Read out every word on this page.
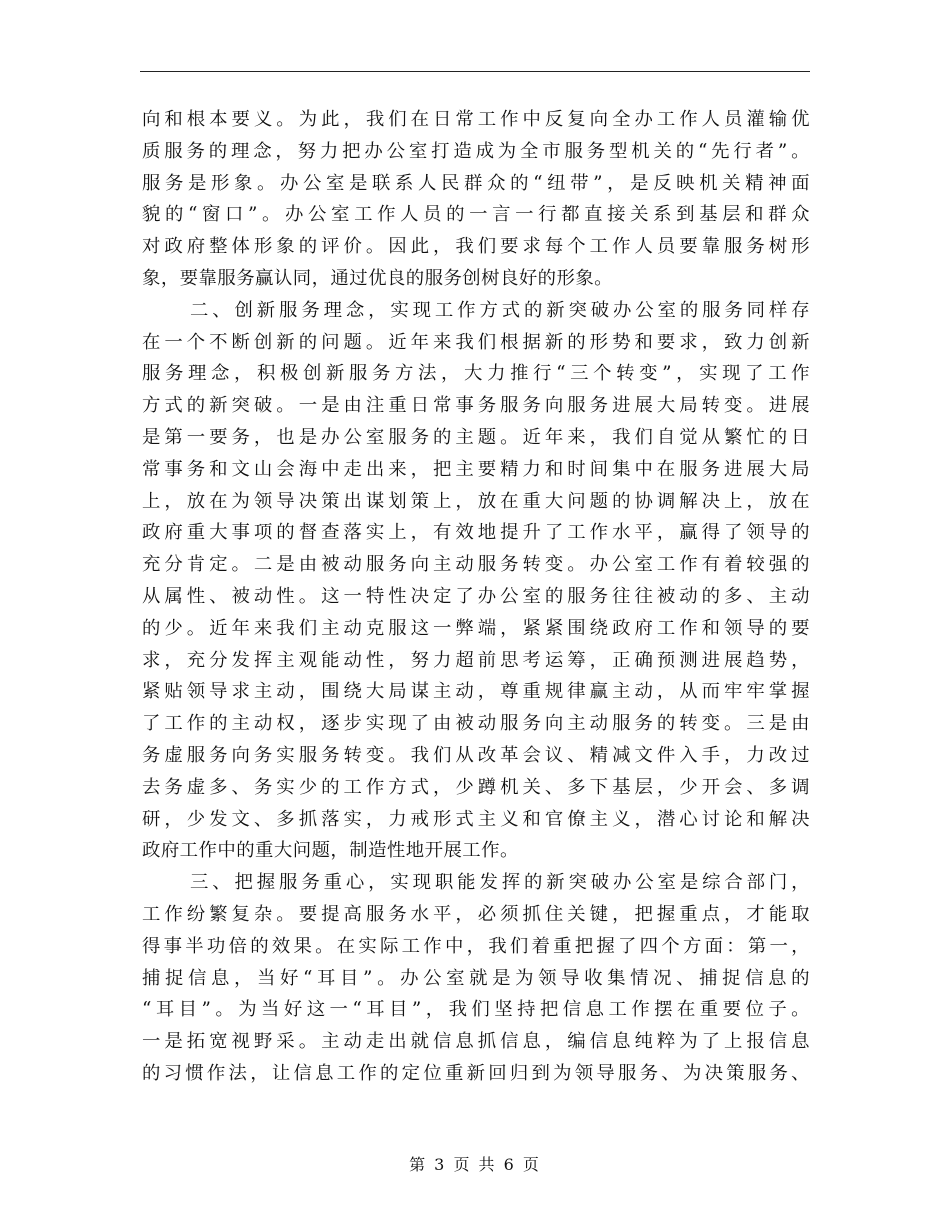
向和根本要义。为此，我们在日常工作中反复向全办工作人员灌输优
质服务的理念，努力把办公室打造成为全市服务型机关的“先行者”。
服务是形象。办公室是联系人民群众的“纽带”，是反映机关精神面
貌的“窗口”。办公室工作人员的一言一行都直接关系到基层和群众
对政府整体形象的评价。因此，我们要求每个工作人员要靠服务树形
象，要靠服务赢认同，通过优良的服务创树良好的形象。
二、创新服务理念，实现工作方式的新突破办公室的服务同样存
在一个不断创新的问题。近年来我们根据新的形势和要求，致力创新
服务理念，积极创新服务方法，大力推行“三个转变”，实现了工作
方式的新突破。一是由注重日常事务服务向服务进展大局转变。进展
是第一要务，也是办公室服务的主题。近年来，我们自觉从繁忙的日
常事务和文山会海中走出来，把主要精力和时间集中在服务进展大局
上，放在为领导决策出谋划策上，放在重大问题的协调解决上，放在
政府重大事项的督查落实上，有效地提升了工作水平，赢得了领导的
充分肯定。二是由被动服务向主动服务转变。办公室工作有着较强的
从属性、被动性。这一特性决定了办公室的服务往往被动的多、主动
的少。近年来我们主动克服这一弊端，紧紧围绕政府工作和领导的要
求，充分发挥主观能动性，努力超前思考运筹，正确预测进展趋势，
紧贴领导求主动，围绕大局谋主动，尊重规律赢主动，从而牢牢掌握
了工作的主动权，逐步实现了由被动服务向主动服务的转变。三是由
务虚服务向务实服务转变。我们从改革会议、精减文件入手，力改过
去务虚多、务实少的工作方式，少蹲机关、多下基层，少开会、多调
研，少发文、多抓落实，力戒形式主义和官僚主义，潜心讨论和解决
政府工作中的重大问题，制造性地开展工作。
三、把握服务重心，实现职能发挥的新突破办公室是综合部门，
工作纷繁复杂。要提高服务水平，必须抓住关键，把握重点，才能取
得事半功倍的效果。在实际工作中，我们着重把握了四个方面：第一，
捕捉信息，当好“耳目”。办公室就是为领导收集情况、捕捉信息的
“耳目”。为当好这一“耳目”，我们坚持把信息工作摆在重要位子。
一是拓宽视野采。主动走出就信息抓信息，编信息纯粹为了上报信息
的习惯作法，让信息工作的定位重新回归到为领导服务、为决策服务、
第 3 页 共 6 页
